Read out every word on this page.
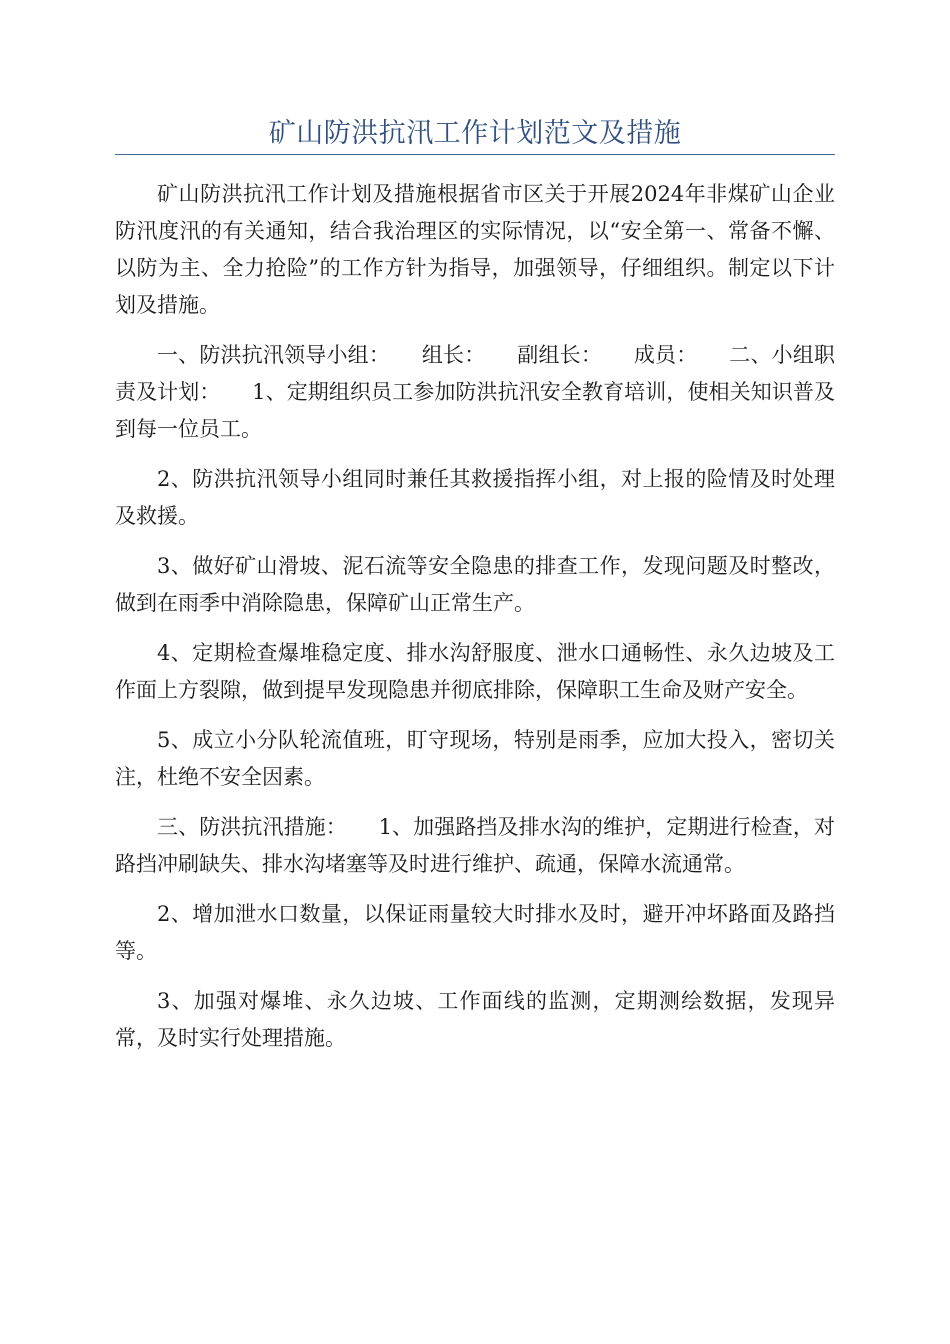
矿山防洪抗汛工作计划范文及措施

矿山防洪抗汛工作计划及措施根据省市区关于开展2024年非煤矿山企业防汛度汛的有关通知，结合我治理区的实际情况，以“安全第一、常备不懈、以防为主、全力抢险”的工作方针为指导，加强领导，仔细组织。制定以下计划及措施。

一、防洪抗汛领导小组：　　组长：　　副组长：　　成员：　　二、小组职责及计划：　　1、定期组织员工参加防洪抗汛安全教育培训，使相关知识普及到每一位员工。

2、防洪抗汛领导小组同时兼任其救援指挥小组，对上报的险情及时处理及救援。

3、做好矿山滑坡、泥石流等安全隐患的排查工作，发现问题及时整改，做到在雨季中消除隐患，保障矿山正常生产。

4、定期检查爆堆稳定度、排水沟舒服度、泄水口通畅性、永久边坡及工作面上方裂隙，做到提早发现隐患并彻底排除，保障职工生命及财产安全。

5、成立小分队轮流值班，盯守现场，特别是雨季，应加大投入，密切关注，杜绝不安全因素。

三、防洪抗汛措施：　　1、加强路挡及排水沟的维护，定期进行检查，对路挡冲刷缺失、排水沟堵塞等及时进行维护、疏通，保障水流通常。

2、增加泄水口数量，以保证雨量较大时排水及时，避开冲坏路面及路挡等。

3、加强对爆堆、永久边坡、工作面线的监测，定期测绘数据，发现异常，及时实行处理措施。
